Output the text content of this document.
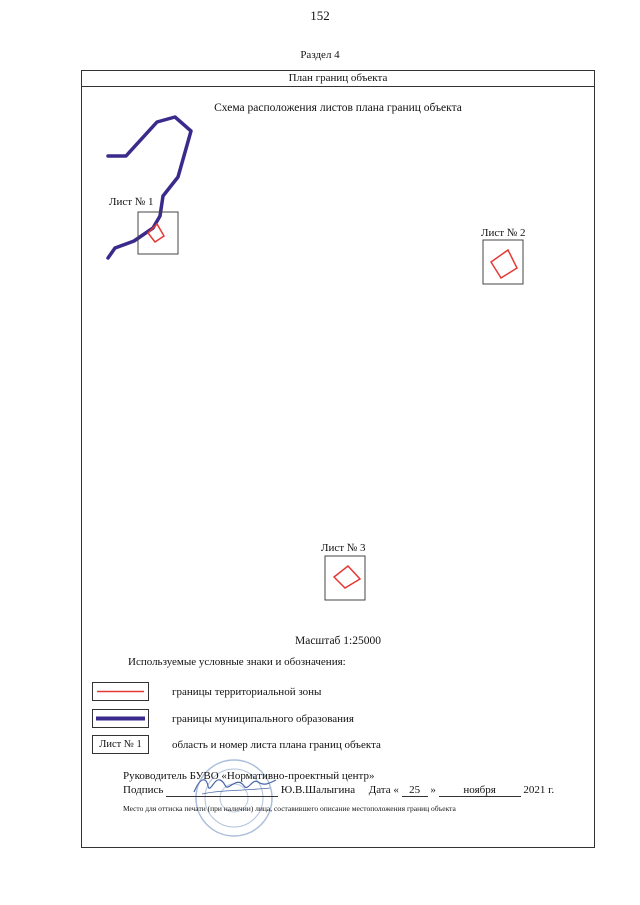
152
Раздел 4
План границ объекта
Схема расположения листов плана границ объекта
Лист № 1
Лист № 2
Лист № 3
Масштаб 1:25000
Используемые условные знаки и обозначения:
границы территориальной зоны
границы муниципального образования
Лист № 1	область и номер листа плана границ объекта
Руководитель БУВО «Нормативно-проектный центр»
Подпись	Ю.В.Шалыгина Дата « 25 »	ноября	2021 г.
Место для оттиска печати (при наличии) лица, составившего описание местоположения границ объекта
